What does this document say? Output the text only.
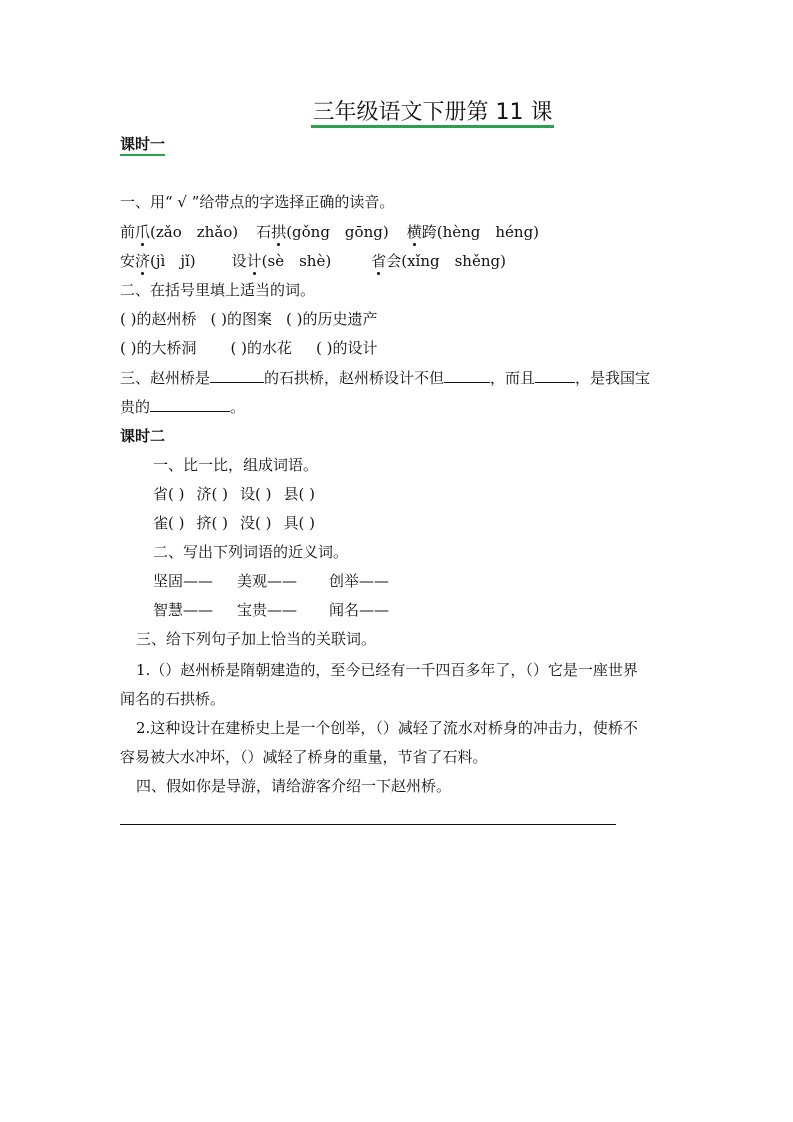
三年级语文下册第 11 课
课时一
一、用“ √ ”给带点的字选择正确的读音。
前爪(zǎo　zhǎo) 石拱(gǒng　gōng) 横跨(hèng　héng)
安济(jì　jǐ) 设计(sè　shè)	省会(xǐng　shěng)
二、在括号里填上适当的词。
( )的赵州桥 ( )的图案 ( )的历史遗产
( )的大桥洞 ( )的水花 ( )的设计
三、赵州桥是	的石拱桥，赵州桥设计不但	，而且	，是我国宝
贵的	。
课时二
一、比一比，组成词语。
省( ) 济( ) 设( ) 县( )
雀( ) 挤( ) 没( ) 具( )
二、写出下列词语的近义词。
坚固—— 美观—— 创举——
智慧—— 宝贵—— 闻名——
三、给下列句子加上恰当的关联词。
1.（）赵州桥是隋朝建造的，至今已经有一千四百多年了，（）它是一座世界
闻名的石拱桥。
2.这种设计在建桥史上是一个创举，（）减轻了流水对桥身的冲击力，使桥不
容易被大水冲坏，（）减轻了桥身的重量，节省了石料。
四、假如你是导游，请给游客介绍一下赵州桥。
